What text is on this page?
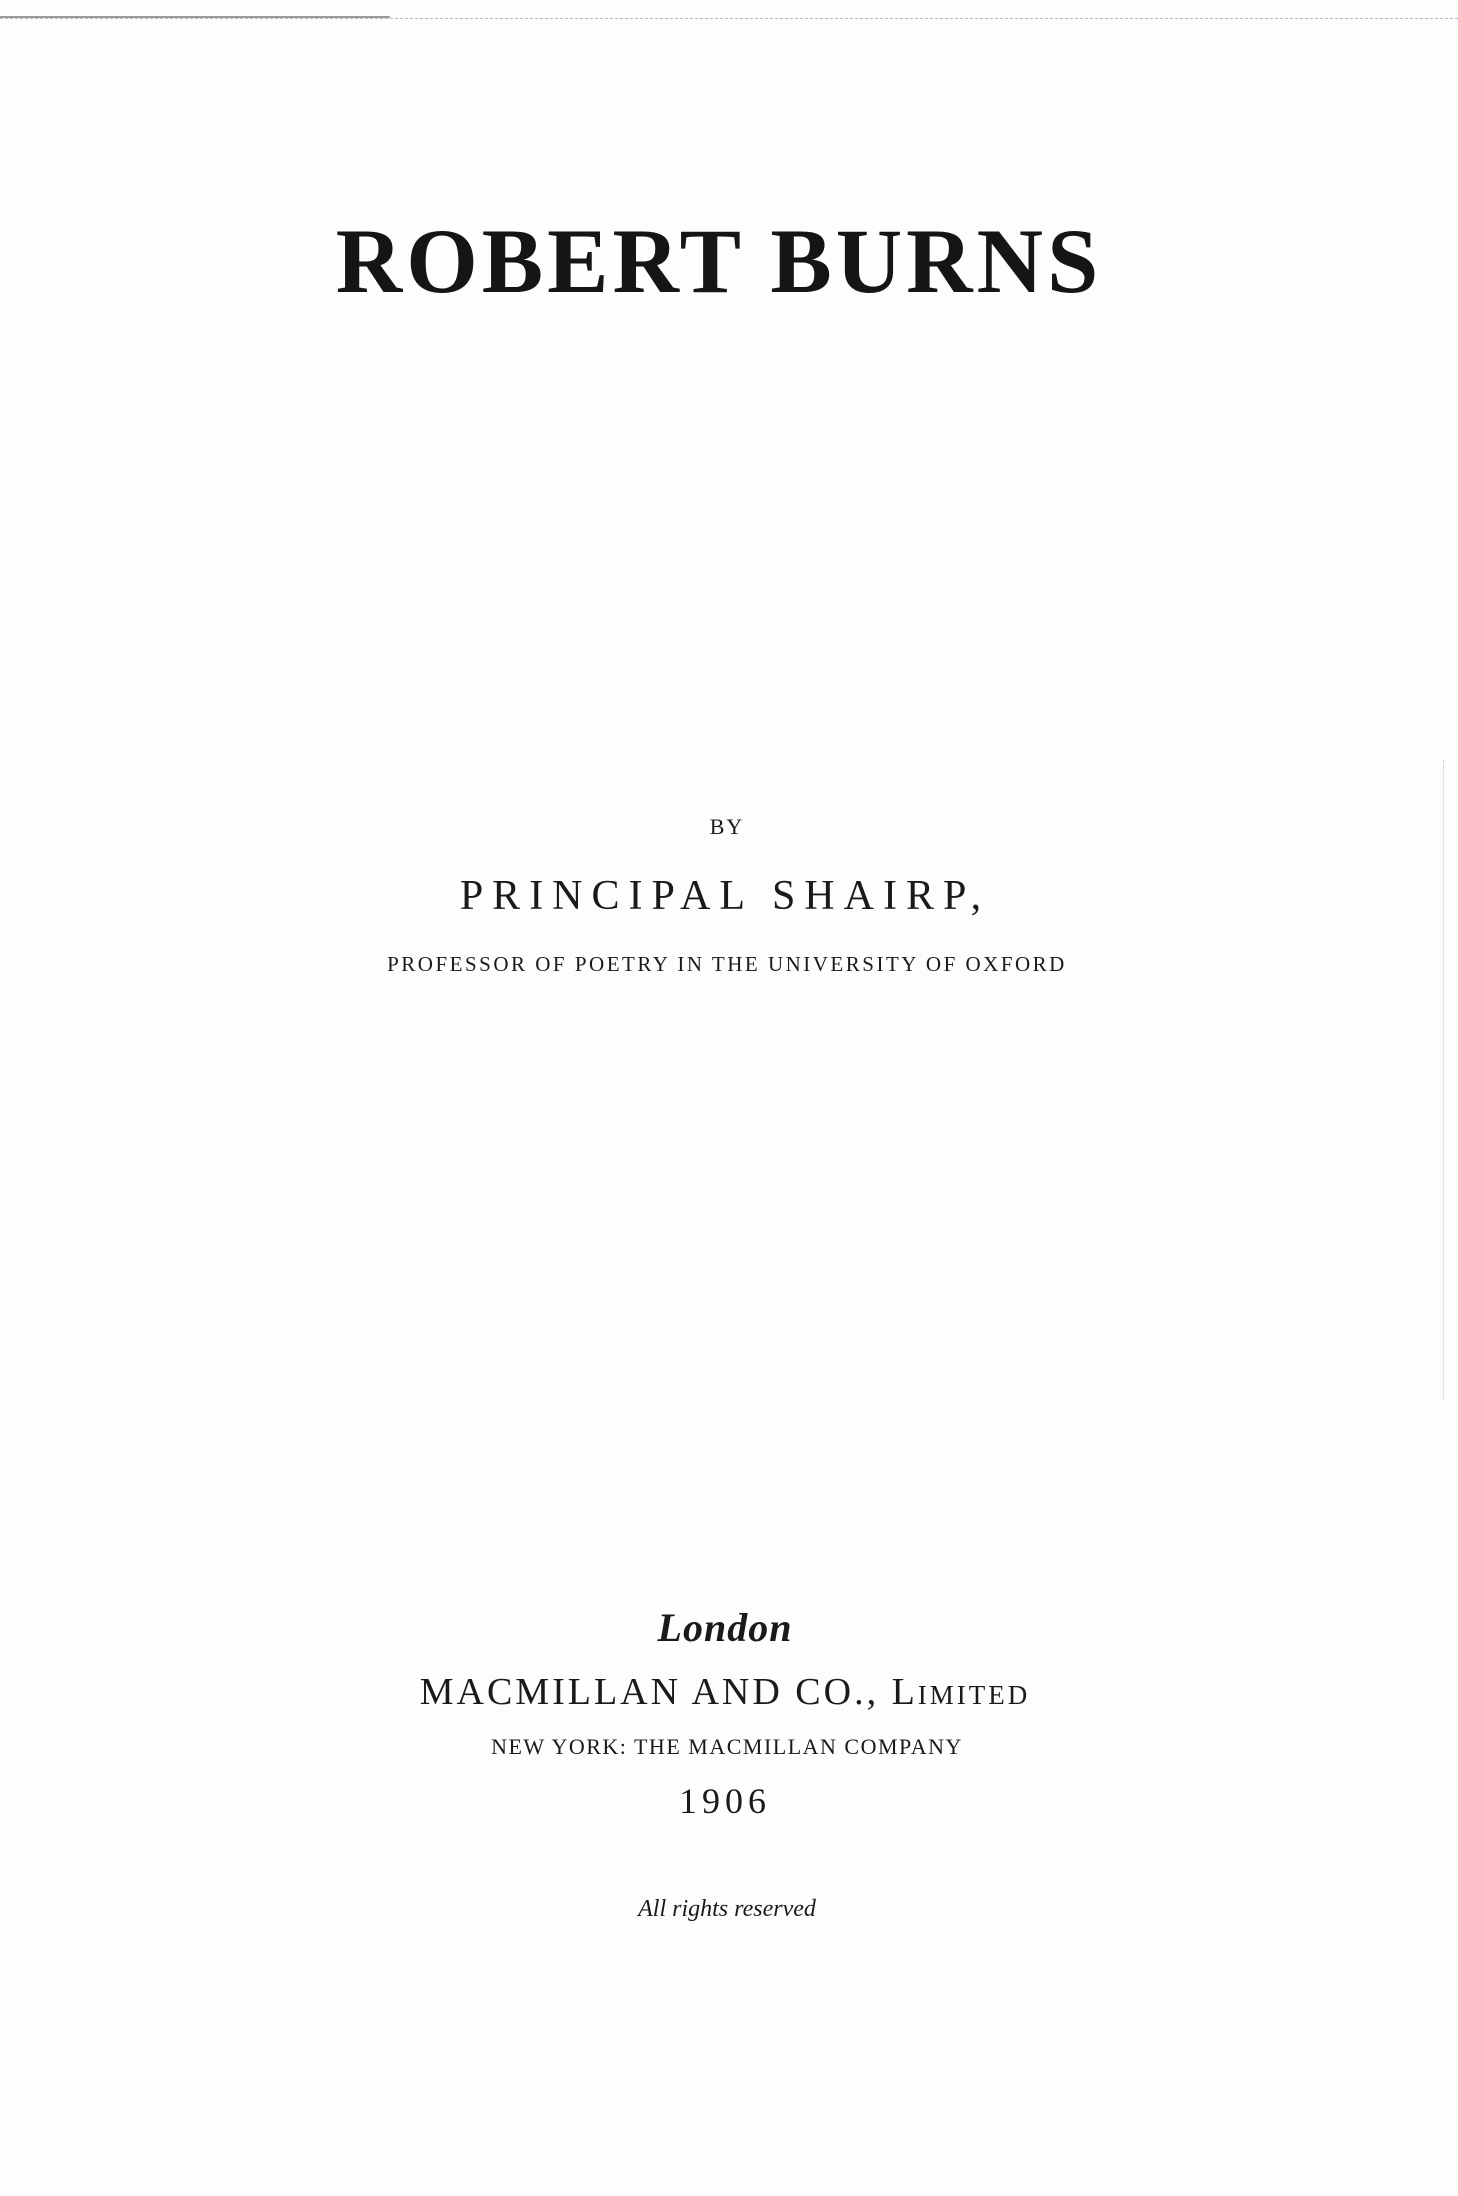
ROBERT BURNS
BY
PRINCIPAL SHAIRP,
PROFESSOR OF POETRY IN THE UNIVERSITY OF OXFORD
London
MACMILLAN AND CO., Limited
NEW YORK: THE MACMILLAN COMPANY
1906
All rights reserved
